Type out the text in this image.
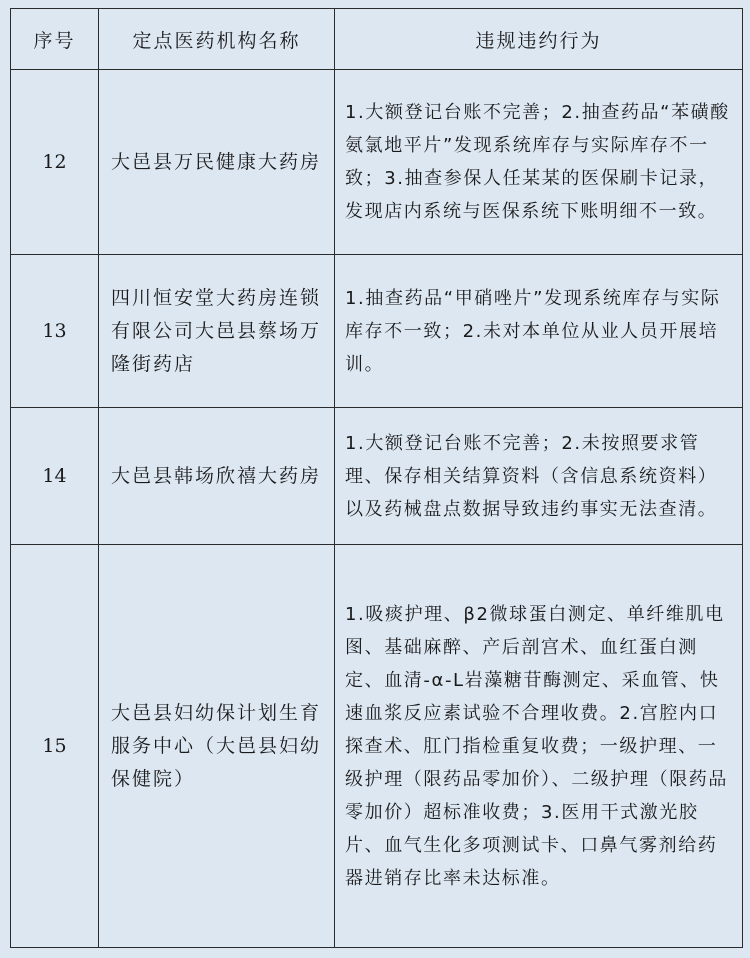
序号	定点医药机构名称	违规违约行为
12	大邑县万民健康大药房	1.大额登记台账不完善；2.抽查药品“苯磺酸氨氯地平片”发现系统库存与实际库存不一致；3.抽查参保人任某某的医保刷卡记录，发现店内系统与医保系统下账明细不一致。
13	四川恒安堂大药房连锁有限公司大邑县蔡场万隆街药店	1.抽查药品“甲硝唑片”发现系统库存与实际库存不一致；2.未对本单位从业人员开展培训。
14	大邑县韩场欣禧大药房	1.大额登记台账不完善；2.未按照要求管理、保存相关结算资料（含信息系统资料）以及药械盘点数据导致违约事实无法查清。
15	大邑县妇幼保计划生育服务中心（大邑县妇幼保健院）	1.吸痰护理、β2微球蛋白测定、单纤维肌电图、基础麻醉、产后剖宫术、血红蛋白测定、血清-α-L岩藻糖苷酶测定、采血管、快速血浆反应素试验不合理收费。2.宫腔内口探查术、肛门指检重复收费；一级护理、一级护理（限药品零加价）、二级护理（限药品零加价）超标准收费；3.医用干式激光胶片、血气生化多项测试卡、口鼻气雾剂给药器进销存比率未达标准。
